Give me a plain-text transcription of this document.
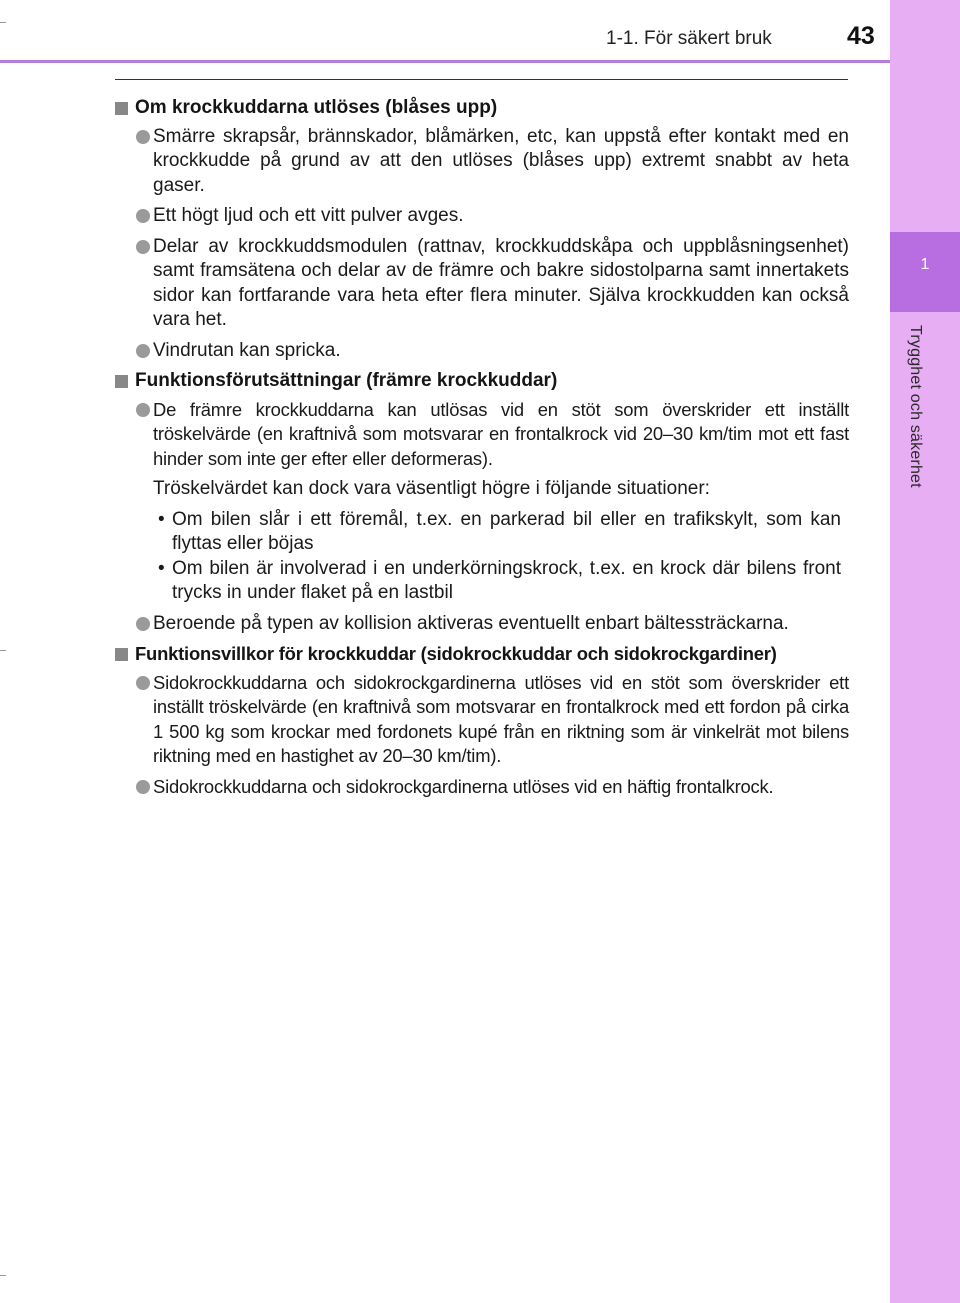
1-1. För säkert bruk	43
1
Trygghet och säkerhet
Om krockkuddarna utlöses (blåses upp)
Smärre skrapsår, brännskador, blåmärken, etc, kan uppstå efter kontakt med en krockkudde på grund av att den utlöses (blåses upp) extremt snabbt av heta gaser.
Ett högt ljud och ett vitt pulver avges.
Delar av krockkuddsmodulen (rattnav, krockkuddskåpa och uppblåsningsenhet) samt framsätena och delar av de främre och bakre sidostolparna samt innertakets sidor kan fortfarande vara heta efter flera minuter. Själva krockkudden kan också vara het.
Vindrutan kan spricka.
Funktionsförutsättningar (främre krockkuddar)
De främre krockkuddarna kan utlösas vid en stöt som överskrider ett inställt tröskelvärde (en kraftnivå som motsvarar en frontalkrock vid 20–30 km/tim mot ett fast hinder som inte ger efter eller deformeras).
Tröskelvärdet kan dock vara väsentligt högre i följande situationer:
• Om bilen slår i ett föremål, t.ex. en parkerad bil eller en trafikskylt, som kan flyttas eller böjas
• Om bilen är involverad i en underkörningskrock, t.ex. en krock där bilens front trycks in under flaket på en lastbil
Beroende på typen av kollision aktiveras eventuellt enbart bältessträckarna.
Funktionsvillkor för krockkuddar (sidokrockkuddar och sidokrockgardiner)
Sidokrockkuddarna och sidokrockgardinerna utlöses vid en stöt som överskrider ett inställt tröskelvärde (en kraftnivå som motsvarar en frontalkrock med ett fordon på cirka 1 500 kg som krockar med fordonets kupé från en riktning som är vinkelrät mot bilens riktning med en hastighet av 20–30 km/tim).
Sidokrockkuddarna och sidokrockgardinerna utlöses vid en häftig frontalkrock.
